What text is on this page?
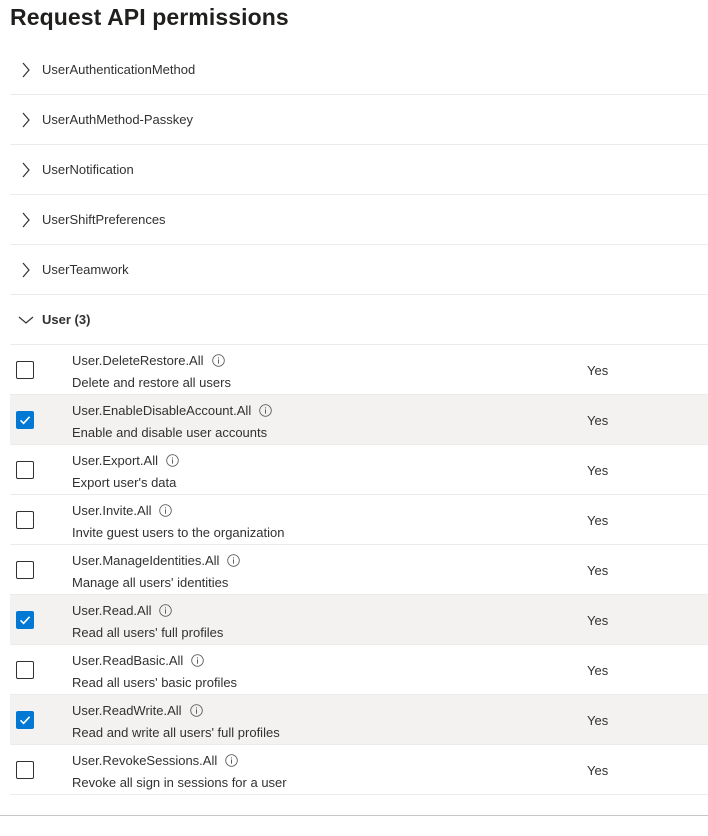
Request API permissions
UserAuthenticationMethod
UserAuthMethod-Passkey
UserNotification
UserShiftPreferences
UserTeamwork
User (3)
User.DeleteRestore.All
Delete and restore all users
Yes
User.EnableDisableAccount.All
Enable and disable user accounts
Yes
User.Export.All
Export user's data
Yes
User.Invite.All
Invite guest users to the organization
Yes
User.ManageIdentities.All
Manage all users' identities
Yes
User.Read.All
Read all users' full profiles
Yes
User.ReadBasic.All
Read all users' basic profiles
Yes
User.ReadWrite.All
Read and write all users' full profiles
Yes
User.RevokeSessions.All
Revoke all sign in sessions for a user
Yes
